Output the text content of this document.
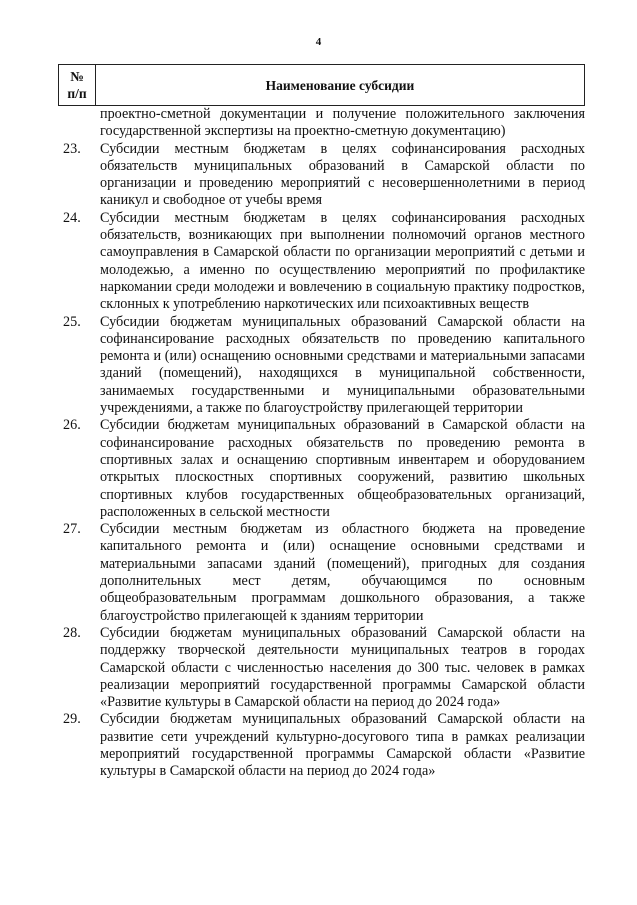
4
№
п/п	Наименование субсидии
проектно-сметной документации и получение положительного заключения государственной экспертизы на проектно-сметную документацию)
23.	Субсидии местным бюджетам в целях софинансирования расходных обязательств муниципальных образований в Самарской области по организации и проведению мероприятий с несовершеннолетними в период каникул и свободное от учебы время
24.	Субсидии местным бюджетам в целях софинансирования расходных обязательств, возникающих при выполнении полномочий органов местного самоуправления в Самарской области по организации мероприятий с детьми и молодежью, а именно по осуществлению мероприятий по профилактике наркомании среди молодежи и вовлечению в социальную практику подростков, склонных к употреблению наркотических или психоактивных веществ
25.	Субсидии бюджетам муниципальных образований Самарской области на софинансирование расходных обязательств по проведению капитального ремонта и (или) оснащению основными средствами и материальными запасами зданий (помещений), находящихся в муниципальной собственности, занимаемых государственными и муниципальными образовательными учреждениями, а также по благоустройству прилегающей территории
26.	Субсидии бюджетам муниципальных образований в Самарской области на софинансирование расходных обязательств по проведению ремонта в спортивных залах и оснащению спортивным инвентарем и оборудованием открытых плоскостных спортивных сооружений, развитию школьных спортивных клубов государственных общеобразовательных организаций, расположенных в сельской местности
27.	Субсидии местным бюджетам из областного бюджета на проведение капитального ремонта и (или) оснащение основными средствами и материальными запасами зданий (помещений), пригодных для создания дополнительных мест детям, обучающимся по основным общеобразовательным программам дошкольного образования, а также благоустройство прилегающей к зданиям территории
28.	Субсидии бюджетам муниципальных образований Самарской области на поддержку творческой деятельности муниципальных театров в городах Самарской области с численностью населения до 300 тыс. человек в рамках реализации мероприятий государственной программы Самарской области «Развитие культуры в Самарской области на период до 2024 года»
29.	Субсидии бюджетам муниципальных образований Самарской области на развитие сети учреждений культурно-досугового типа в рамках реализации мероприятий государственной программы Самарской области «Развитие культуры в Самарской области на период до 2024 года»
